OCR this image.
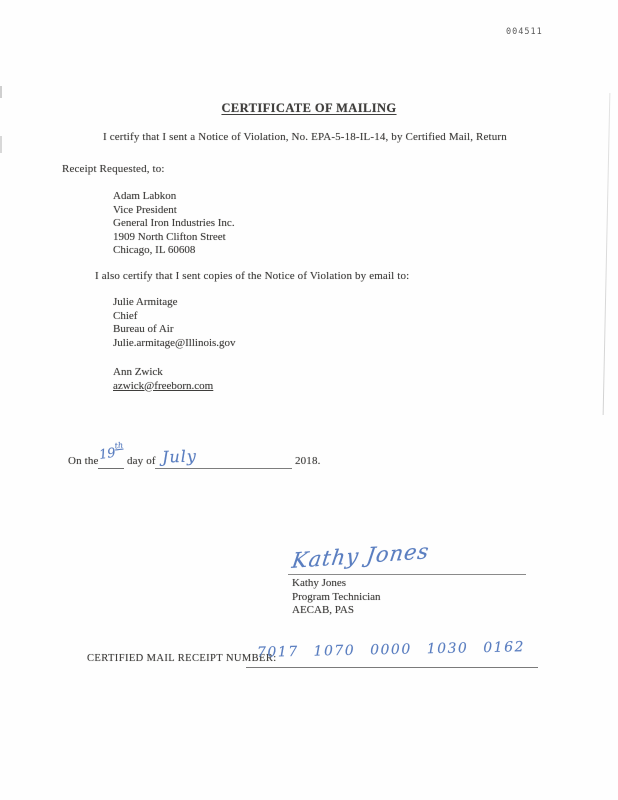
004511
CERTIFICATE OF MAILING
I certify that I sent a Notice of Violation, No. EPA-5-18-IL-14, by Certified Mail, Return
Receipt Requested, to:
Adam Labkon
Vice President
General Iron Industries Inc.
1909 North Clifton Street
Chicago, IL 60608
I also certify that I sent copies of the Notice of Violation by email to:
Julie Armitage
Chief
Bureau of Air
Julie.armitage@Illinois.gov
Ann Zwick
azwick@freeborn.com
On the 19th
day of July	2018.
Kathy Jones
Kathy Jones
Program Technician
AECAB, PAS
CERTIFIED MAIL RECEIPT NUMBER:
7017 1070 0000 1030 0162
